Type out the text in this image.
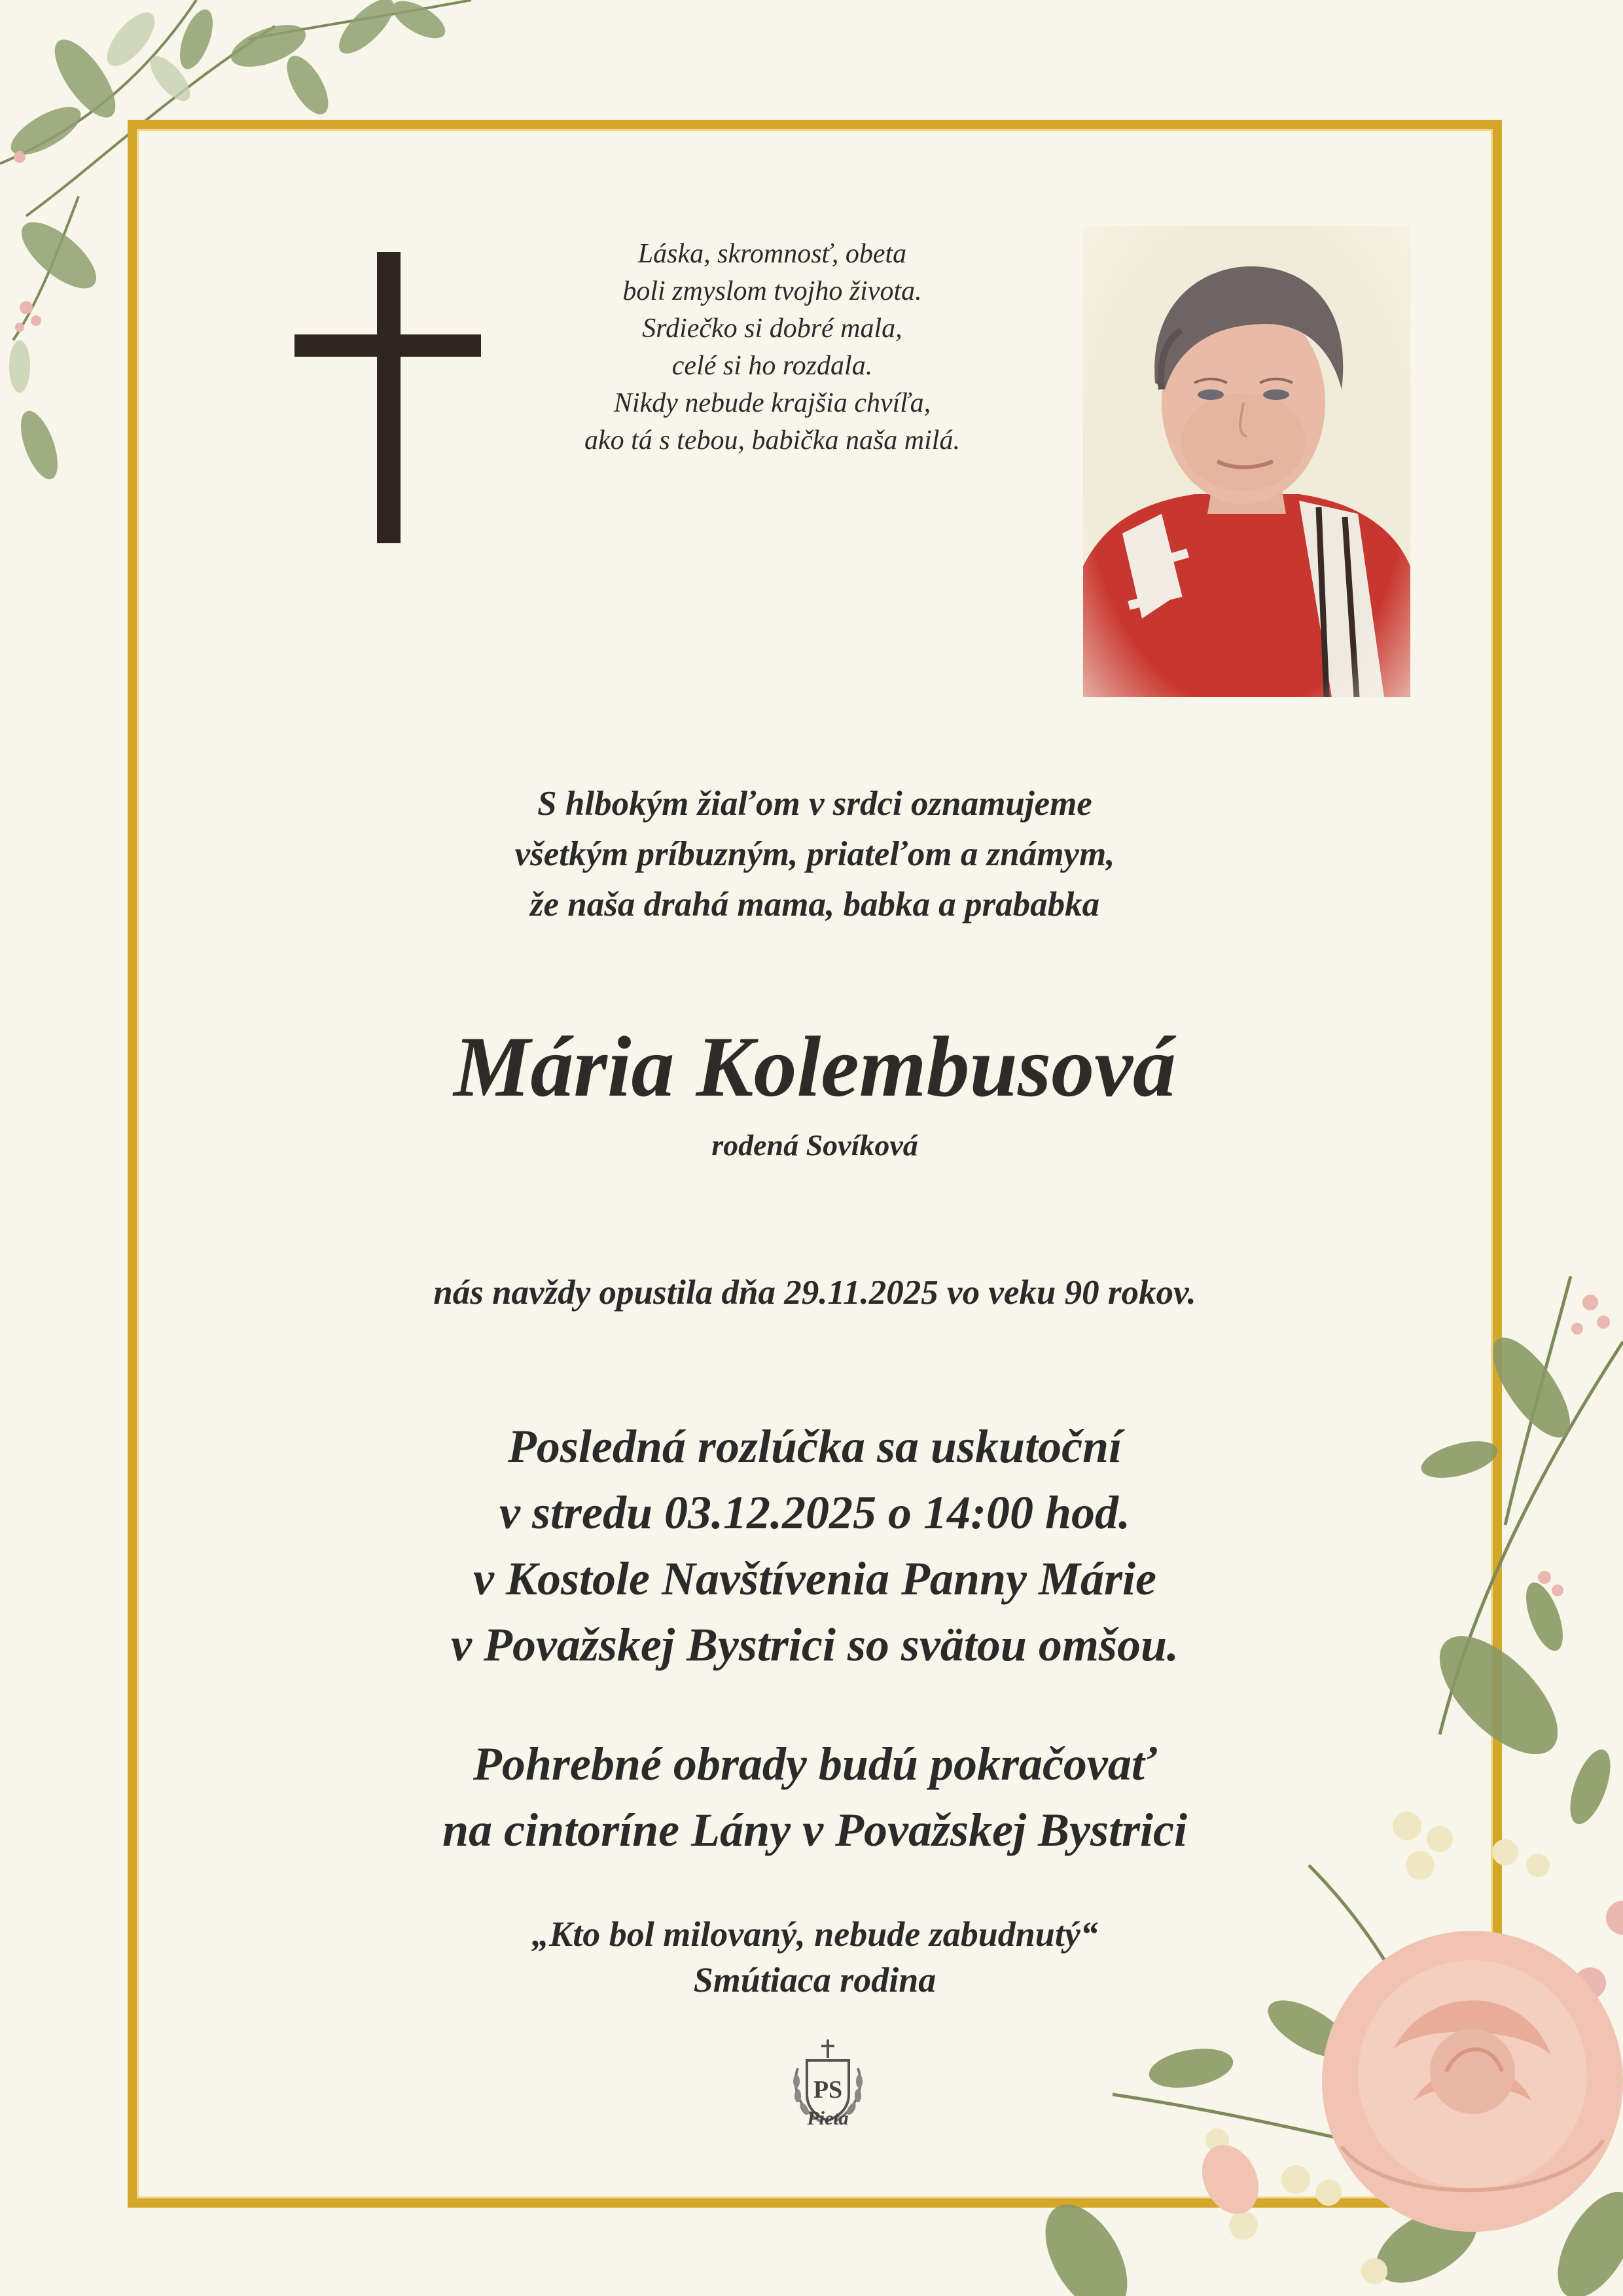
Láska, skromnosť, obeta
boli zmyslom tvojho života.
Srdiečko si dobré mala,
celé si ho rozdala.
Nikdy nebude krajšia chvíľa,
ako tá s tebou, babička naša milá.
S hlbokým žiaľom v srdci oznamujeme
všetkým príbuzným, priateľom a známym,
že naša drahá mama, babka a prababka
Mária Kolembusová
rodená Sovíková
nás navždy opustila dňa 29.11.2025 vo veku 90 rokov.
Posledná rozlúčka sa uskutoční
v stredu 03.12.2025 o 14:00 hod.
v Kostole Navštívenia Panny Márie
v Považskej Bystrici so svätou omšou.
Pohrebné obrady budú pokračovať
na cintoríne Lány v Považskej Bystrici
„Kto bol milovaný, nebude zabudnutý“
Smútiaca rodina
PS
Pieta
